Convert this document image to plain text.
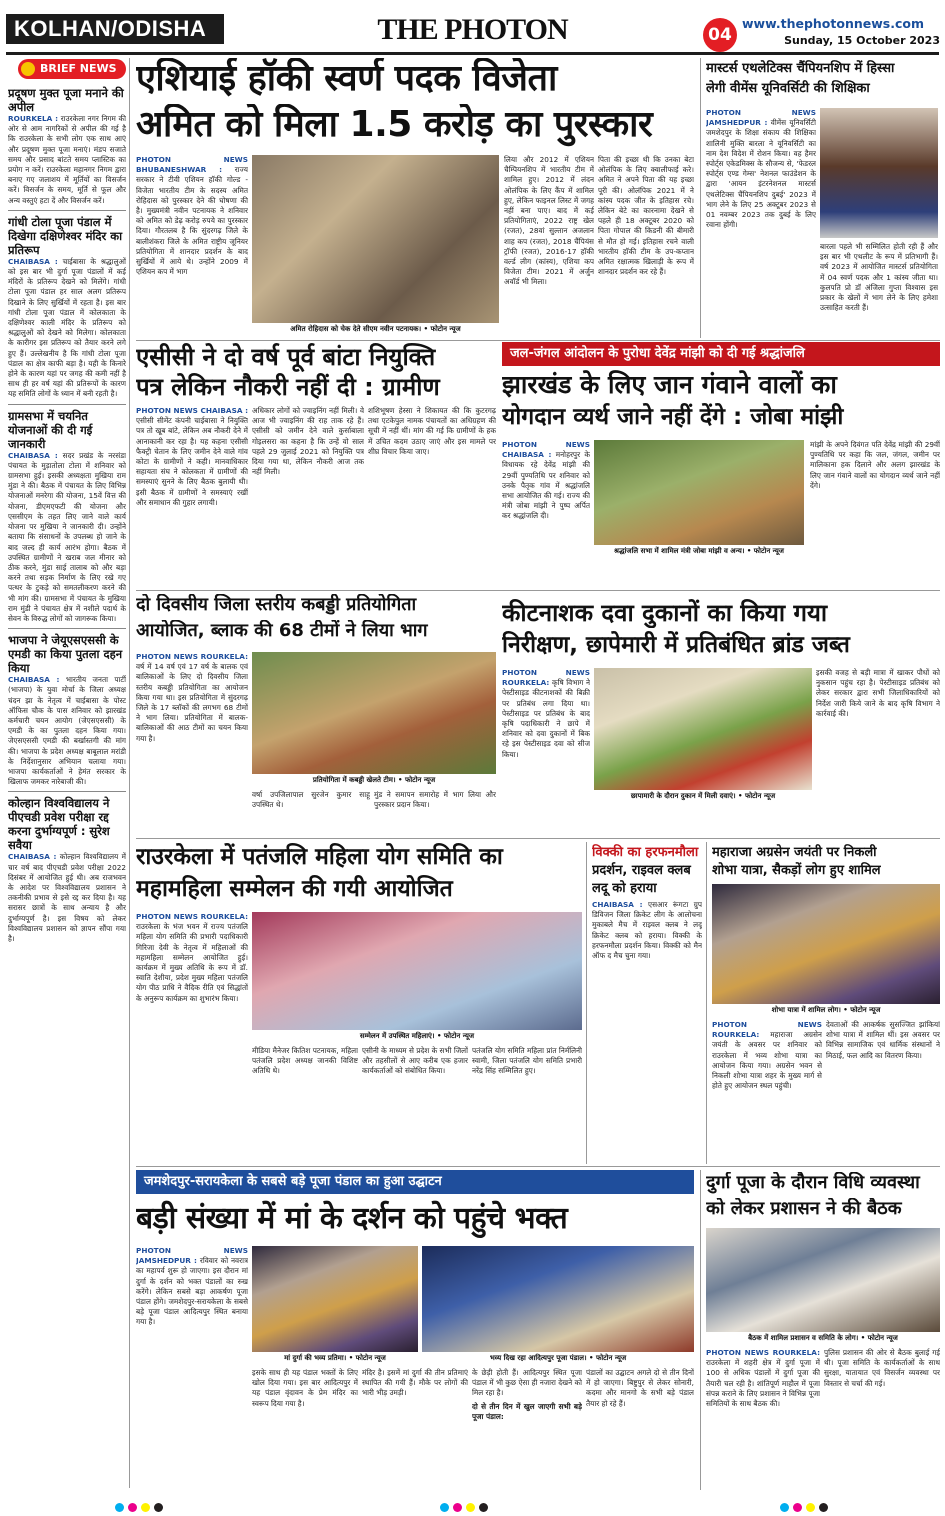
KOLHAN/ODISHA	THE PHOTON	04
www.thephotonnews.com
Sunday, 15 October 2023
BRIEF NEWS
प्रदूषण मुक्त पूजा मनाने की अपील
ROURKELA : राउरकेला नगर निगम की ओर से आम नागरिकों से अपील की गई है कि राउरकेला के सभी लोग एक साथ आएं और प्रदूषण मुक्त पूजा मनाएं। मंडप सजाते समय और प्रसाद बांटते समय प्लास्टिक का प्रयोग न करें। राउरकेला महानगर निगम द्वारा बनाए गए जलाशय में मूर्तियों का विसर्जन करें। विसर्जन के समय, मूर्ति से फूल और अन्य वस्तुएं हटा दें और विसर्जन करें।
गांधी टोला पूजा पंडाल में दिखेगा दक्षिणेश्वर मंदिर का प्रतिरूप
CHAIBASA : चाईबासा के श्रद्धालुओं को इस बार भी दुर्गा पूजा पंडालों में कई मंदिरों के प्रतिरूप देखने को मिलेंगे। गांधी टोला पूजा पंडाल हर साल अलग प्रतिरूप दिखाने के लिए सुर्खियों में रहता है। इस बार गांधी टोला पूजा पंडाल में कोलकाता के दक्षिणेश्वर काली मंदिर के प्रतिरूप को श्रद्धालुओं को देखने को मिलेगा। कोलकाता के कारीगर इस प्रतिरूप को तैयार करने लगे हुए हैं। उल्लेखनीय है कि गांधी टोला पूजा पंडाल का क्षेत्र काफी बड़ा है। यही के किनारे होने के कारण यहां पर जगह की कमी नहीं है साथ ही हर वर्ष यहां की प्रतिरूपों के कारण यह समिति लोगों के ध्यान में बनी रहती है।
ग्रामसभा में चयनित योजनाओं की दी गई जानकारी
CHAIBASA : सदर प्रखंड के नरसंडा पंचायत के मुड़ातोला टोला में शनिवार को ग्रामसभा हुई। इसकी अध्यक्षता मुखिया राम मुंडा ने की। बैठक में पंचायत के लिए विभिन्न योजनाओं मनरेगा की योजना, 15वें वित्त की योजना, डीएमएफटी की योजना और एससीएम के तहत लिए जाने वाले कार्य योजना पर मुखिया ने जानकारी दी। उन्होंने बताया कि संसाधनों के उपलब्ध हो जाने के बाद जल्द ही कार्य आरंभ होगा। बैठक में उपस्थित ग्रामीणों ने खराब जल मीनार को ठीक करने, मुंडा साई तालाब को और बड़ा करने तथा सड़क निर्माण के लिए रखे गए पत्थर के टुकड़े को समतलीकरण करने की भी मांग की। ग्रामसभा में पंचायत के मुखिया राम मुंडी ने पंचायत क्षेत्र में नशीले पदार्थ के सेवन के विरुद्ध लोगों को जागरूक किया।
भाजपा ने जेयूएसएससी के एमडी का किया पुतला दहन किया
CHAIBASA : भारतीय जनता पार्टी (भाजपा) के युवा मोर्चा के जिला अध्यक्ष चंदन झा के नेतृत्व में चाईबासा के पोस्ट ऑफिस चौक के पास शनिवार को झारखंड कर्मचारी चयन आयोग (जेएसएससी) के एमडी के का पुतला दहन किया गया। जेएसएससी एमडी की बर्खास्तगी की मांग की। भाजपा के प्रदेश अध्यक्ष बाबूलाल मरांडी के निर्देशानुसार अभियान चलाया गया। भाजपा कार्यकर्ताओं ने हेमंत सरकार के खिलाफ जमकर नारेबाजी की।
कोल्हान विश्वविद्यालय ने पीएचडी प्रवेश परीक्षा रद्द करना दुर्भाग्यपूर्ण : सुरेश सवैया
CHAIBASA : कोल्हान विश्वविद्यालय में चार वर्ष बाद पीएचडी प्रवेश परीक्षा 2022 दिसंबर में आयोजित हुई थी। अब राजभवन के आदेश पर विश्वविद्यालय प्रशासन ने तकनीकी प्रभाव से इसे रद्द कर दिया है। यह सरासर छात्रों के साथ अन्याय है और दुर्भाग्यपूर्ण है। इस विषय को लेकर विश्वविद्यालय प्रशासन को ज्ञापन सौंपा गया है।
एशियाई हॉकी स्वर्ण पदक विजेता
अमित को मिला 1.5 करोड़ का पुरस्कार
PHOTON NEWS BHUBANESHWAR : राज्य सरकार ने टीवी एशियन हॉकी गोल्ड - विजेता भारतीय टीम के सदस्य अमित रोहिदास को पुरस्कार देने की घोषणा की है। मुख्यमंत्री नवीन पटनायक ने शनिवार को अमित को डेढ़ करोड़ रुपये का पुरस्कार दिया। गौरतलब है कि सुंदरगढ़ जिले के बालीशंकरा जिले के अमित राष्ट्रीय जूनियर प्रतियोगिता में शानदार प्रदर्शन के बाद सुर्खियों में आये थे। उन्होंने 2009 में एशियन कप में भाग
अमित रोहिदास को चेक देते सीएम नवीन पटनायक। • फोटोन न्यूज
लिया और 2012 में एशियन चैम्पियनशिप में भारतीय टीम में शामिल हुए। 2012 में लंदन ओलंपिक के लिए कैंप में शामिल हुए, लेकिन फाइनल लिस्ट में जगह नहीं बना पाए। बाद में कई प्रतियोगिताएं, 2022 राष्ट्र खेल (रजत), 28वां सुल्तान अजलान शाह कप (रजत), 2018 चैंपियंस ट्रॉफी (रजत), 2016-17 हॉकी वर्ल्ड लीग (कांस्य), एशिया कप विजेता टीम। 2021 में अर्जुन अवॉर्ड भी मिला।
पिता की इच्छा थी कि उनका बेटा ओलंपिक के लिए क्वालीफाई करे। अमित ने अपने पिता की यह इच्छा पूरी की। ओलंपिक 2021 में ने कांस्य पदक जीत के इतिहास रचे। लेकिन बेटे का कारनामा देखने से पहले ही 18 अक्टूबर 2020 को पिता गोपाल की किडनी की बीमारी से मौत हो गई। इतिहास रचने वाली भारतीय हॉकी टीम के उप-कप्तान अमित रक्षात्मक खिलाड़ी के रूप में शानदार प्रदर्शन कर रहे हैं।
मास्टर्स एथलेटिक्स चैंपियनशिप में हिस्सा
लेगी वीमेंस यूनिवर्सिटी की शिक्षिका
PHOTON NEWS JAMSHEDPUR : वीमेंस यूनिवर्सिटी जमशेदपुर के शिक्षा संकाय की शिक्षिका शालिनी मुक्ति बारला ने यूनिवर्सिटी का नाम देश विदेश में रोशन किया। वह हैमर स्पोर्ट्स एकेडमिक्स के सौजन्य से, 'फेडरल स्पोर्ट्स एण्ड गेम्स' नेशनल फाउंडेशन के द्वारा 'आयन इंटरनेशनल मास्टर्स एथलेटिक्स चैंपियनशिप दुबई' 2023 में भाग लेने के लिए 25 अक्टूबर 2023 से 01 नवम्बर 2023 तक दुबई के लिए रवाना होंगी।
बारला पहले भी सम्मिलित होती रही हैं और इस बार भी एथलीट के रूप में प्रतिभागी हैं। वर्ष 2023 में आयोजित मास्टर्स प्रतियोगिता में 04 स्वर्ण पदक और 1 कांस्य जीता था। कुलपति प्रो डॉ अंजिला गुप्ता विश्वास इस प्रकार के खेलों में भाग लेने के लिए हमेशा उत्साहित करती हैं।
एसीसी ने दो वर्ष पूर्व बांटा नियुक्ति
पत्र लेकिन नौकरी नहीं दी : ग्रामीण
PHOTON NEWS CHAIBASA : एसीसी सीमेंट कंपनी चाईबासा ने नियुक्ति पत्र तो खूब बांटे, लेकिन अब नौकरी देने में आनाकानी कर रहा है। यह कहना एसीसी फैक्ट्री चेतान के लिए जमीन देने वाले गांव कोटा के ग्रामीणों ने कही। मानवाधिकार सहायता संघ ने कोलकता में ग्रामीणों की समस्याएं सुनने के लिए बैठक बुलायी थी। इसी बैठक में ग्रामीणों ने समस्याएं रखीं और समाधान की गुहार लगायी।
अधिकार लोगों को ज्वाइनिंग नहीं मिली। वे आज भी ज्वाइनिंग की राह ताक रहे हैं। एसीसी को जमीन देने वाले कुर्साबाला गोइलसरा का कहना है कि उन्हें वो साल पहले 29 जुलाई 2021 को नियुक्ति पत्र दिया गया था, लेकिन नौकरी आज तक नहीं मिली।
शशिभूषण हेस्सा ने शिकायत की कि कुटरगढ़ तथा एटकेपुल नामक पंचायतों का अधिग्रहण की सूची में नहीं थीं। मांग की गई कि ग्रामीणों के हक में उचित कदम उठाए जाएं और इस मामले पर शीघ्र विचार किया जाए।
जल-जंगल आंदोलन के पुरोधा देवेंद्र मांझी को दी गई श्रद्धांजलि
झारखंड के लिए जान गंवाने वालों का
योगदान व्यर्थ जाने नहीं देंगे : जोबा मांझी
PHOTON NEWS CHAIBASA : मनोहरपुर के विधायक रहे देवेंद्र मांझी की 29वीं पुण्यतिथि पर शनिवार को उनके पैतृक गांव में श्रद्धांजलि सभा आयोजित की गई। राज्य की मंत्री जोबा मांझी ने पुष्प अर्पित कर श्रद्धांजलि दी।
श्रद्धांजलि सभा में शामिल मंत्री जोबा मांझी व अन्य। • फोटोन न्यूज
मांझी के अपने दिवंगत पति देवेंद्र मांझी की 29वीं पुण्यतिथि पर कहा कि जल, जंगल, जमीन पर मालिकाना हक दिलाने और अलग झारखंड के लिए जान गंवाने वालों का योगदान व्यर्थ जाने नहीं देंगे।
दो दिवसीय जिला स्तरीय कबड्डी प्रतियोगिता
आयोजित, ब्लाक की 68 टीमों ने लिया भाग
PHOTON NEWS ROURKELA: वर्ष में 14 वर्ष एवं 17 वर्ष के बालक एवं बालिकाओं के लिए दो दिवसीय जिला स्तरीय कबड्डी प्रतियोगिता का आयोजन किया गया था। इस प्रतियोगिता में सुंदरगढ़ जिले के 17 ब्लॉकों की लगभग 68 टीमों ने भाग लिया। प्रतियोगिता में बालक-बालिकाओं की आठ टीमों का चयन किया गया है।
प्रतियोगिता में कबड्डी खेलते टीम। • फोटोन न्यूज
वर्षा उपजिलापाल सुरजेन कुमार साहू उपस्थित थे।
मुंड ने समापन समारोह में भाग लिया और पुरस्कार प्रदान किया।
कीटनाशक दवा दुकानों का किया गया
निरीक्षण, छापेमारी में प्रतिबंधित ब्रांड जब्त
PHOTON NEWS ROURKELA: कृषि विभाग ने पेस्टीसाइड कीटनाशकों की बिक्री पर प्रतिबंध लगा दिया था। पेस्टीसाइड पर प्रतिबंध के बाद कृषि पदाधिकारी ने छापे में शनिवार को दवा दुकानों में बिक रहे इस पेस्टीसाइड दवा को सीज किया।
छापामारी के दौरान दुकान में मिली दवाएं। • फोटोन न्यूज
इसकी वजह से बड़ी मात्रा में खाकर पौधों को नुकसान पहुंच रहा है। पेस्टीसाइड प्रतिबंध को लेकर सरकार द्वारा सभी जिलाधिकारियों को निर्देश जारी किये जाने के बाद कृषि विभाग ने कार्रवाई की।
राउरकेला में पतंजलि महिला योग समिति का
महामहिला सम्मेलन की गयी आयोजित
PHOTON NEWS ROURKELA: राउरकेला के भंज भवन में राज्य पतंजलि महिला योग समिति की प्रभारी पदाधिकारी गिरिजा देवी के नेतृत्व में महिलाओं की महामहिला सम्मेलन आयोजित हुई। कार्यक्रम में मुख्य अतिथि के रूप में डॉ. स्वाति देशीया, प्रदेश मुख्य महिला पतंजलि योग पीठ प्राधि ने वैदिक रीति एवं सिद्धांतों के अनुरूप कार्यक्रम का शुभारंभ किया।
सम्मेलन में उपस्थित महिलाएं। • फोटोन न्यूज
मीडिया मैनेजर कितिश पटनायक, महिला पतंजलि प्रदेश अध्यक्ष जानकी विशिष्ट अतिथि थे।
एसीनी के माध्यम से प्रदेश के सभी जिलों और तहसीलों से आए करीब एक हजार कार्यकर्ताओं को संबोधित किया।
पतंजलि योग समिति महिला प्रांत निर्मलिनी स्वामी, जिला पतंजलि योग समिति प्रभारी नरेंद्र सिंह सम्मिलित हुए।
विक्की का हरफनमौला
प्रदर्शन, राइवल क्लब
लदू को हराया
CHAIBASA : एसआर रूंगटा ग्रुप डिविजन जिला क्रिकेट लीग के आलोचना मुकाबले मैच में राइवल क्लब ने लदू क्रिकेट क्लब को हराया। विक्की के हरफनमौला प्रदर्शन किया। विक्की को मैन ऑफ द मैच चुना गया।
महाराजा अग्रसेन जयंती पर निकली
शोभा यात्रा, सैकड़ों लोग हुए शामिल
शोभा यात्रा में शामिल लोग। • फोटोन न्यूज
PHOTON NEWS ROURKELA: महाराजा अग्रसेन जयंती के अवसर पर शनिवार को राउरकेला में भव्य शोभा यात्रा का आयोजन किया गया। अग्रसेन भवन से निकली शोभा यात्रा शहर के मुख्य मार्ग से होते हुए आयोजन स्थल पहुंची।
देवताओं की आकर्षक सुसज्जित झांकियां शोभा यात्रा में शामिल थीं। इस अवसर पर विभिन्न सामाजिक एवं धार्मिक संस्थानों ने मिठाई, फल आदि का वितरण किया।
जमशेदपुर-सरायकेला के सबसे बड़े पूजा पंडाल का हुआ उद्घाटन
बड़ी संख्या में मां के दर्शन को पहुंचे भक्त
PHOTON NEWS JAMSHEDPUR : रविवार को नवरात्र का महापर्व शुरू हो जाएगा। इस दौरान मां दुर्गा के दर्शन को भक्त पंडालों का रुख करेंगे। लेकिन सबसे बड़ा आकर्षण पूजा पंडाल होंगे। जमशेदपुर-सरायकेला के सबसे बड़े पूजा पंडाल आदित्यपुर स्थित बनाया गया है।
मां दुर्गा की भव्य प्रतिमा। • फोटोन न्यूज	भव्य दिख रहा आदित्यपुर पूजा पंडाल। • फोटोन न्यूज
इसके साथ ही यह पंडाल भक्तों के लिए खोल दिया गया। इस बार आदित्यपुर में यह पंडाल वृंदावन के प्रेम मंदिर का स्वरूप दिया गया है।
मंदिर है। इसमें मां दुर्गा की तीन प्रतिमाएं स्थापित की गयी हैं। मौके पर लोगों की भारी भीड़ उमड़ी।
के छेड़ी होती हैं। आदित्यपुर स्थित पूजा पंडाल में भी कुछ ऐसा ही नजारा देखने को मिल रहा है।
दो से तीन दिन में खुल जाएगी सभी बड़े पूजा पंडाल:
पंडालों का उद्घाटन अगले दो से तीन दिनों में हो जाएगा। बिष्टुपुर से लेकर सोनारी, कदमा और मानगो के सभी बड़े पंडाल तैयार हो रहे हैं।
दुर्गा पूजा के दौरान विधि व्यवस्था
को लेकर प्रशासन ने की बैठक
बैठक में शामिल प्रशासन व समिति के लोग। • फोटोन न्यूज
PHOTON NEWS ROURKELA: राउरकेला में शहरी क्षेत्र में दुर्गा पूजा में 100 से अधिक पंडालों में दुर्गा पूजा की तैयारी चल रही है। शांतिपूर्ण माहौल में पूजा संपन्न कराने के लिए प्रशासन ने विभिन्न पूजा समितियों के साथ बैठक की।
पुलिस प्रशासन की ओर से बैठक बुलाई गई थी। पूजा समिति के कार्यकर्ताओं के साथ सुरक्षा, यातायात एवं विसर्जन व्यवस्था पर विस्तार से चर्चा की गई।
